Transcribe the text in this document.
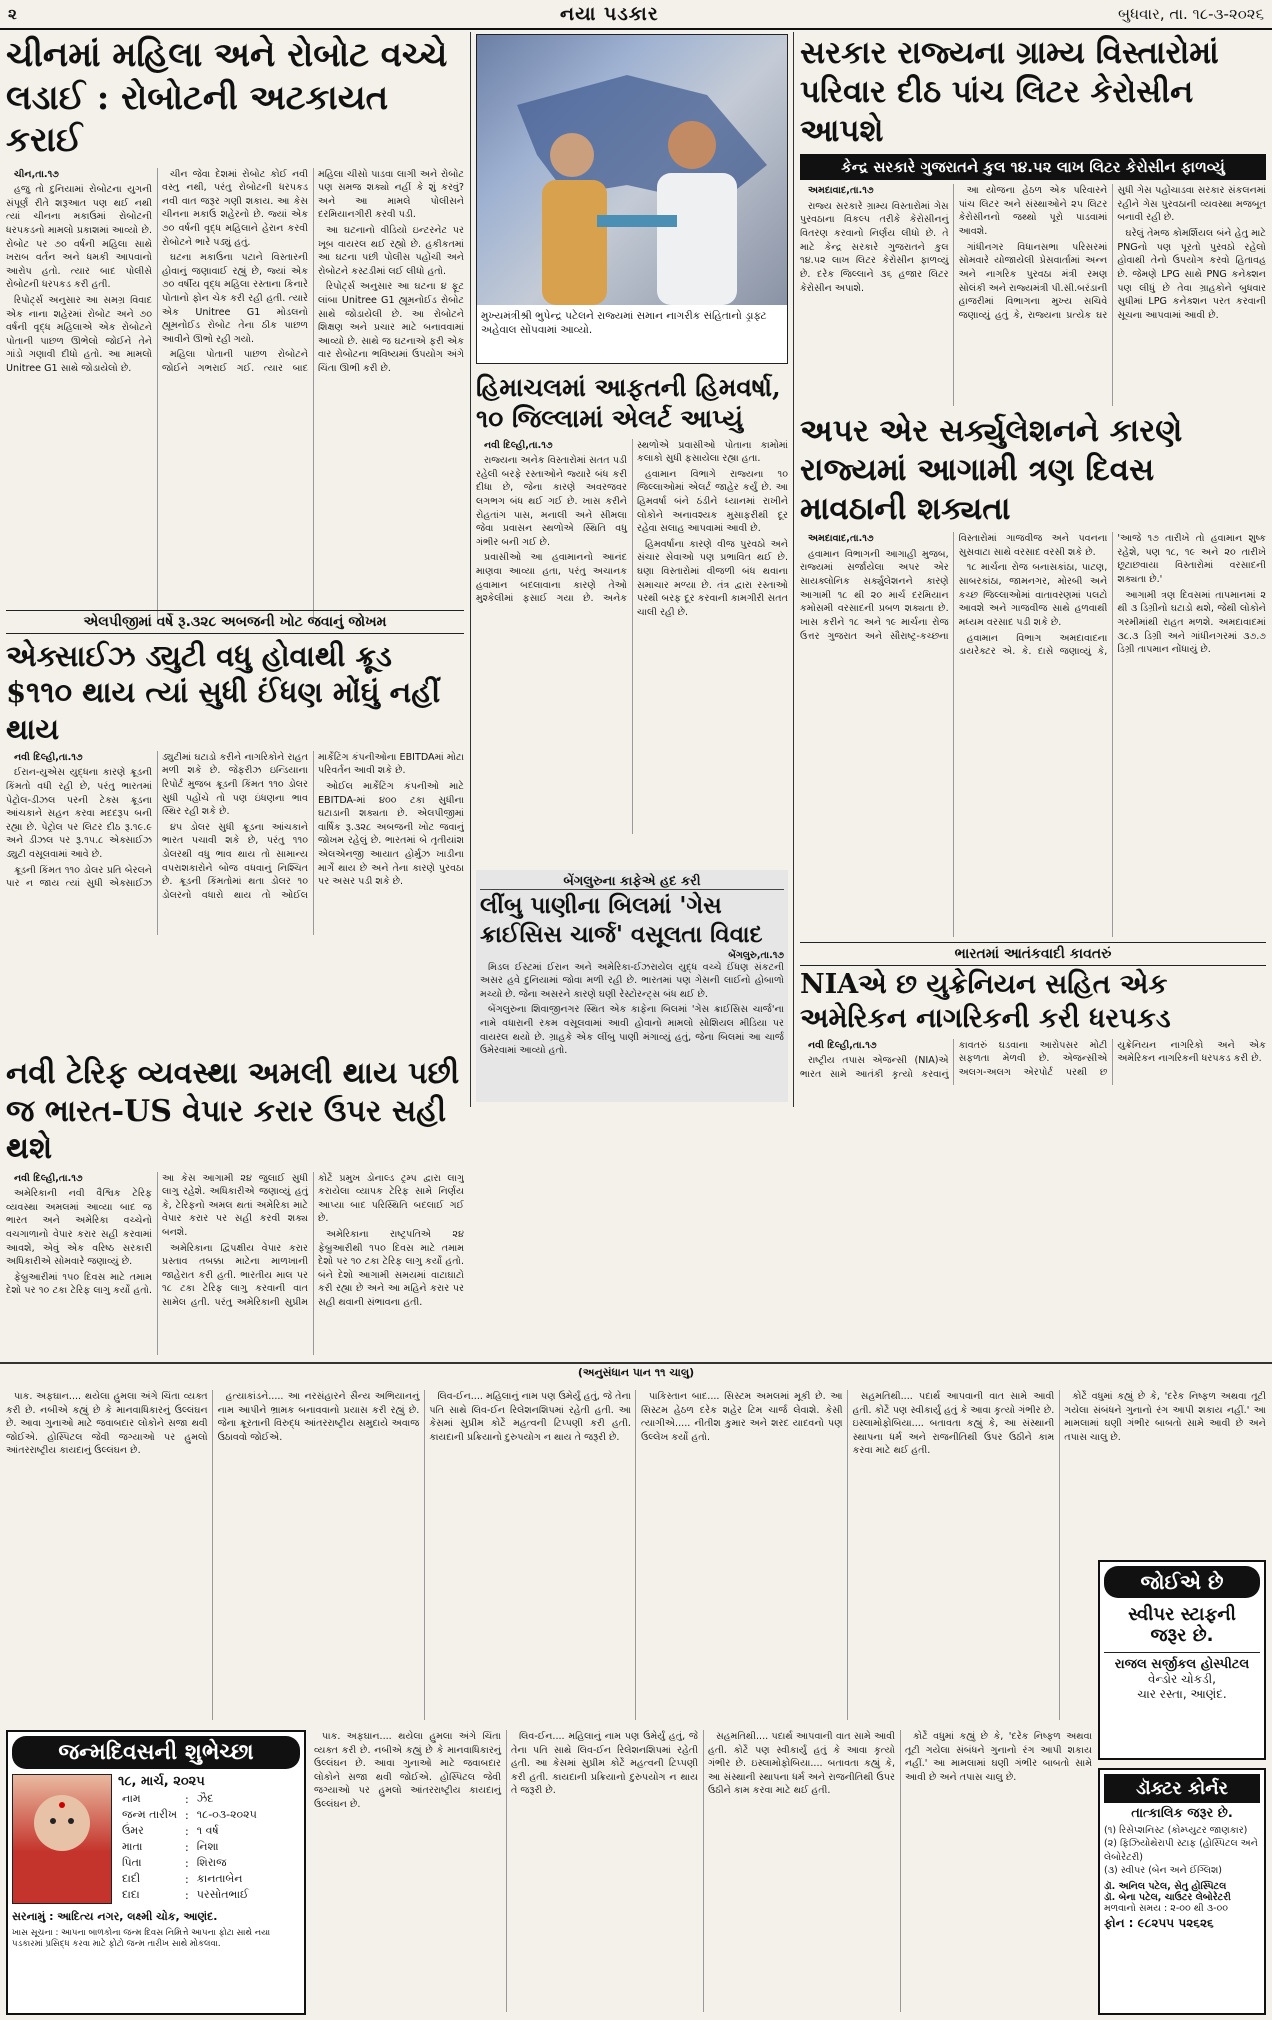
૨	નયા પડકાર	બુધવાર, તા. ૧૮-૩-૨૦૨૬
ચીનમાં મહિલા અને રોબોટ વચ્ચે લડાઈ : રોબોટની અટકાયત કરાઈ

ચીન,તા.૧૭

હજુ તો દુનિયામાં રોબોટના યુગની સંપૂર્ણ રીતે શરૂઆત પણ થઈ નથી ત્યાં ચીનના મકાઉમાં રોબોટની ધરપકડનો મામલો પ્રકાશમાં આવ્યો છે. રોબોટ પર ૭૦ વર્ષની મહિલા સાથે ખરાબ વર્તન અને ધમકી આપવાનો આરોપ હતો. ત્યાર બાદ પોલીસે રોબોટની ધરપકડ કરી હતી.

રિપોર્ટ્સ અનુસાર આ સમગ્ર વિવાદ એક નાના શહેરમાં રોબોટ અને ૭૦ વર્ષની વૃદ્ધ મહિલાએ એક રોબોટને પોતાની પાછળ ઊભેલો જોઈને તેને ગાંડો ગણાવી દીધો હતો. આ મામલો Unitree G1 સાથે જોડાયેલો છે.

ચીન જેવા દેશમાં રોબોટ કોઈ નવી વસ્તુ નથી, પરંતુ રોબોટની ધરપકડ નવી વાત જરૂર ગણી શકાય. આ કેસ ચીનના મકાઉ શહેરનો છે. જ્યાં એક ૭૦ વર્ષની વૃદ્ધ મહિલાને હેરાન કરવી રોબોટને ભારે પડ્યું હતું.

ઘટના મકાઉના પટાને વિસ્તારની હોવાનું જણાવાઈ રહ્યું છે, જ્યાં એક ૭૦ વર્ષીય વૃદ્ધ મહિલા રસ્તાના કિનારે પોતાનો ફોન ચેક કરી રહી હતી. ત્યારે એક Unitree G1 મોડલનો હ્યૂમનોઈડ રોબોટ તેના ઠીક પાછળ આવીને ઊભો રહી ગયો.

મહિલા પોતાની પાછળ રોબોટને જોઈને ગભરાઈ ગઈ. ત્યાર બાદ મહિલા ચીસો પાડવા લાગી અને રોબોટ પણ સમજ શક્યો નહીં કે શું કરવું? અને આ મામલે પોલીસને દરમિયાનગીરી કરવી પડી.

આ ઘટનાનો વીડિયો ઇન્ટરનેટ પર ખૂબ વાયરલ થઈ રહ્યો છે. હકીકતમાં આ ઘટના પછી પોલીસ પહોંચી અને રોબોટને કસ્ટડીમાં લઈ લીધો હતો.

રિપોર્ટ્સ અનુસાર આ ઘટના ૪ ફૂટ લાંબા Unitree G1 હ્યૂમનોઈડ રોબોટ સાથે જોડાયેલી છે. આ રોબોટને શિક્ષણ અને પ્રચાર માટે બનાવવામાં આવ્યો છે. સાથે જ ઘટનાએ ફરી એક વાર રોબોટના ભવિષ્યમાં ઉપયોગ અંગે ચિંતા ઊભી કરી છે.

એલપીજીમાં વર્ષે રૂ.૩૨૮ અબજની ખોટ જવાનું જોખમ
એક્સાઈઝ ડ્યુટી વધુ હોવાથી ક્રૂડ $૧૧૦ થાય ત્યાં સુધી ઈંધણ મોંઘું નહીં થાય

નવી દિલ્હી,તા.૧૭

ઈરાન-યુએસ યુદ્ધના કારણે ક્રૂડની કિંમતો વધી રહી છે, પરંતુ ભારતમાં પેટ્રોલ-ડીઝલ પરની ટેક્સ ક્રૂડના આંચકાને સહન કરવા મદદરૂપ બની રહ્યા છે. પેટ્રોલ પર લિટર દીઠ રૂ.૧૯.૯ અને ડીઝલ પર રૂ.૧૫.૮ એક્સાઈઝ ડ્યુટી વસૂલવામાં આવે છે.

ક્રૂડની કિંમત ૧૧૦ ડોલર પ્રતિ બેરલને પાર ન જાય ત્યાં સુધી એક્સાઈઝ ડ્યુટીમાં ઘટાડો કરીને નાગરિકોને રાહત મળી શકે છે. જેફરીઝ ઇન્ડિયાના રિપોર્ટ મુજબ ક્રૂડની કિંમત ૧૧૦ ડોલર સુધી પહોંચે તો પણ ઇંધણના ભાવ સ્થિર રહી શકે છે.

૪૫ ડોલર સુધી ક્રૂડના આંચકાને ભારત પચાવી શકે છે, પરંતુ ૧૧૦ ડોલરથી વધુ ભાવ થાય તો સામાન્ય વપરાશકારોને બોજ વધવાનું નિશ્ચિત છે. ક્રૂડની કિંમતોમાં થતા ડોલર ૧૦ ડોલરનો વધારો થાય તો ઓઈલ માર્કેટિંગ કંપનીઓના EBITDAમાં મોટા પરિવર્તન આવી શકે છે.

ઓઈલ માર્કેટિંગ કંપનીઓ માટે EBITDA-માં ૪૦૦ ટકા સુધીના ઘટાડાની શક્યતા છે. એલપીજીમાં વાર્ષિક રૂ.૩૨૮ અબજની ખોટ જવાનું જોખમ રહેલું છે. ભારતમાં બે તૃતીયાંશ એલએનજી આયાત હોર્મુઝ ખાડીના માર્ગે થાય છે અને તેના કારણે પુરવઠા પર અસર પડી શકે છે.

નવી ટેરિફ વ્યવસ્થા અમલી થાય પછી જ ભારત-US વેપાર કરાર ઉપર સહી થશે

નવી દિલ્હી,તા.૧૭

અમેરિકાની નવી વૈશ્વિક ટેરિફ વ્યવસ્થા અમલમાં આવ્યા બાદ જ ભારત અને અમેરિકા વચ્ચેનો વચગાળાનો વેપાર કરાર સહી કરવામાં આવશે, એવું એક વરિષ્ઠ સરકારી અધિકારીએ સોમવારે જણાવ્યું છે.

ફેબ્રુઆરીમાં ૧૫૦ દિવસ માટે તમામ દેશો પર ૧૦ ટકા ટેરિફ લાગુ કર્યો હતો. આ કેસ આગામી ૨૪ જુલાઈ સુધી લાગુ રહેશે. અધિકારીએ જણાવ્યું હતું કે, ટેરિફનો અમલ થતાં અમેરિકા માટે વેપાર કરાર પર સહી કરવી શક્ય બનશે.

અમેરિકાના દ્વિપક્ષીય વેપાર કરાર પ્રસ્તાવ તબક્કા માટેના માળખાની જાહેરાત કરી હતી. ભારતીય માલ પર ૧૮ ટકા ટેરિફ લાગુ કરવાની વાત સામેલ હતી. પરંતુ અમેરિકાની સુપ્રીમ કોર્ટે પ્રમુખ ડોનાલ્ડ ટ્રમ્પ દ્વારા લાગુ કરાયેલા વ્યાપક ટેરિફ સામે નિર્ણય આપ્યા બાદ પરિસ્થિતિ બદલાઈ ગઈ છે.

અમેરિકાના રાષ્ટ્રપતિએ ૨૪ ફેબ્રુઆરીથી ૧૫૦ દિવસ માટે તમામ દેશો પર ૧૦ ટકા ટેરિફ લાગુ કર્યો હતો. બંને દેશો આગામી સમયમાં વાટાઘાટો કરી રહ્યા છે અને આ મહિને કરાર પર સહી થવાની સંભાવના હતી.

મુખ્યમંત્રીશ્રી ભુપેન્દ્ર પટેલને રાજ્યમાં સમાન નાગરીક સંહિતાનો ડ્રાફ્ટ અહેવાલ સોંપવામાં આવ્યો.
હિમાચલમાં આફતની હિમવર્ષા, ૧૦ જિલ્લામાં એલર્ટ આપ્યું

નવી દિલ્હી,તા.૧૭

રાજ્યના અનેક વિસ્તારોમાં સતત પડી રહેલી બરફે રસ્તાઓને જ્યારે બંધ કરી દીધા છે, જેના કારણે અવરજવર લગભગ બંધ થઈ ગઈ છે. ખાસ કરીને રોહતાંગ પાસ, મનાલી અને સીમલા જેવા પ્રવાસન સ્થળોએ સ્થિતિ વધુ ગંભીર બની ગઈ છે.

પ્રવાસીઓ આ હવામાનનો આનંદ માણવા આવ્યા હતા, પરંતુ અચાનક હવામાન બદલાવાના કારણે તેઓ મુશ્કેલીમાં ફસાઈ ગયા છે. અનેક સ્થળોએ પ્રવાસીઓ પોતાના કામોમાં કલાકો સુધી ફસાયેલા રહ્યા હતા.

હવામાન વિભાગે રાજ્યના ૧૦ જિલ્લાઓમાં એલર્ટ જાહેર કર્યું છે. આ હિમવર્ષા બંને ઠંડીને ધ્યાનમાં રાખીને લોકોને અનાવશ્યક મુસાફરીથી દૂર રહેવા સલાહ આપવામાં આવી છે.

હિમવર્ષાના કારણે વીજ પુરવઠો અને સંચાર સેવાઓ પણ પ્રભાવિત થઈ છે. ઘણા વિસ્તારોમાં વીજળી બંધ થવાના સમાચાર મળ્યા છે. તંત્ર દ્વારા રસ્તાઓ પરથી બરફ દૂર કરવાની કામગીરી સતત ચાલી રહી છે.

બેંગલુરુના કાફેએ હદ કરી
લીંબુ પાણીના બિલમાં 'ગેસ ક્રાઈસિસ ચાર્જ' વસૂલતા વિવાદ
બેંગલુરુ,તા.૧૭

મિડલ ઈસ્ટમાં ઈરાન અને અમેરિકા-ઈઝરાયેલ યુદ્ધ વચ્ચે ઈંધણ સંકટની અસર હવે દુનિયામાં જોવા મળી રહી છે. ભારતમાં પણ ગેસની લાઈનો હોબાળો મચ્યો છે. જેના અસરને કારણે ઘણી રેસ્ટોરન્ટ્સ બંધ થઈ છે.

બેંગલુરુના શિવાજીનગર સ્થિત એક કાફેના બિલમાં 'ગેસ ક્રાઈસિસ ચાર્જ'ના નામે વધારાની રકમ વસૂલવામાં આવી હોવાનો મામલો સોશિયલ મીડિયા પર વાયરલ થયો છે. ગ્રાહકે એક લીંબુ પાણી મંગાવ્યું હતું, જેના બિલમાં આ ચાર્જ ઉમેરવામાં આવ્યો હતો.

સરકાર રાજ્યના ગ્રામ્ય વિસ્તારોમાં પરિવાર દીઠ પાંચ લિટર કેરોસીન આપશે
કેન્દ્ર સરકારે ગુજરાતને કુલ ૧૪.૫૨ લાખ લિટર કેરોસીન ફાળવ્યું

અમદાવાદ,તા.૧૭

રાજ્ય સરકારે ગ્રામ્ય વિસ્તારોમાં ગેસ પુરવઠાના વિકલ્પ તરીકે કેરોસીનનું વિતરણ કરવાનો નિર્ણય લીધો છે. તે માટે કેન્દ્ર સરકારે ગુજરાતને કુલ ૧૪.૫૨ લાખ લિટર કેરોસીન ફાળવ્યું છે. દરેક જિલ્લાને ૩૬ હજાર લિટર કેરોસીન અપાશે.

આ યોજના હેઠળ એક પરિવારને પાંચ લિટર અને સંસ્થાઓને ૨૫ લિટર કેરોસીનનો જથ્થો પૂરો પાડવામાં આવશે.

ગાંધીનગર વિધાનસભા પરિસરમાં સોમવારે યોજાયેલી પ્રેસવાર્તામાં અન્ન અને નાગરિક પુરવઠા મંત્રી રમણ સોલંકી અને રાજ્યમંત્રી પી.સી.બરંડાની હાજરીમાં વિભાગના મુખ્ય સચિવે જણાવ્યું હતું કે, રાજ્યના પ્રત્યેક ઘર સુધી ગેસ પહોંચાડવા સરકાર સંકલનમાં રહીને ગેસ પુરવઠાની વ્યવસ્થા મજબૂત બનાવી રહી છે.

ઘરેલું તેમજ કોમર્શિયલ બંને હેતુ માટે PNGનો પણ પૂરતો પુરવઠો રહેલો હોવાથી તેનો ઉપયોગ કરવો હિતાવહ છે. જેમણે LPG સાથે PNG કનેક્શન પણ લીધું છે તેવા ગ્રાહકોને બુધવાર સુધીમાં LPG કનેક્શન પરત કરવાની સૂચના આપવામાં આવી છે.

અપર એર સર્ક્યુલેશનને કારણે રાજ્યમાં આગામી ત્રણ દિવસ માવઠાની શક્યતા

અમદાવાદ,તા.૧૭

હવામાન વિભાગની આગાહી મુજબ, રાજ્યમાં સર્જાયેલા અપર એર સાયક્લોનિક સર્ક્યુલેશનને કારણે આગામી ૧૮ થી ૨૦ માર્ચ દરમિયાન કમોસમી વરસાદની પ્રબળ શક્યતા છે. ખાસ કરીને ૧૮ અને ૧૯ માર્ચના રોજ ઉત્તર ગુજરાત અને સૌરાષ્ટ્ર-કચ્છના વિસ્તારોમાં ગાજવીજ અને પવનના સુસવાટા સાથે વરસાદ વરસી શકે છે.

૧૮ માર્ચના રોજ બનાસકાંઠા, પાટણ, સાબરકાંઠા, જામનગર, મોરબી અને કચ્છ જિલ્લાઓમાં વાતાવરણમાં પલટો આવશે અને ગાજવીજ સાથે હળવાથી મધ્યમ વરસાદ પડી શકે છે.

હવામાન વિભાગ અમદાવાદના ડાયરેક્ટર એ. કે. દાસે જણાવ્યું કે, 'આજે ૧૭ તારીખે તો હવામાન શુષ્ક રહેશે, પણ ૧૮, ૧૯ અને ૨૦ તારીખે છૂટાછવાયા વિસ્તારોમાં વરસાદની શક્યતા છે.'

આગામી ત્રણ દિવસમાં તાપમાનમાં ૨ થી ૩ ડિગ્રીનો ઘટાડો થશે, જેથી લોકોને ગરમીમાંથી રાહત મળશે. અમદાવાદમાં ૩૮.૩ ડિગ્રી અને ગાંધીનગરમાં ૩૭.૭ ડિગ્રી તાપમાન નોંધાયું છે.

ભારતમાં આતંકવાદી કાવતરું
NIAએ છ યુક્રેનિયન સહિત એક અમેરિકન નાગરિકની કરી ધરપકડ

નવી દિલ્હી,તા.૧૭

રાષ્ટ્રીય તપાસ એજન્સી (NIA)એ ભારત સામે આતંકી કૃત્યો કરવાનું કાવતરું ઘડવાના આરોપસર મોટી સફળતા મેળવી છે. એજન્સીએ અલગ-અલગ એરપોર્ટ પરથી છ યુક્રેનિયન નાગરિકો અને એક અમેરિકન નાગરિકની ધરપકડ કરી છે.

(અનુસંધાન પાન ૧૧ ચાલુ)

પાક. અફઘાન.... થયેલા હુમલા અંગે ચિંતા વ્યક્ત કરી છે. નબીએ કહ્યું છે કે માનવાધિકારનું ઉલ્લંઘન છે. આવા ગુનાઓ માટે જવાબદાર લોકોને સજા થવી જોઈએ. હોસ્પિટલ જેવી જગ્યાઓ પર હુમલો આંતરરાષ્ટ્રીય કાયદાનું ઉલ્લંઘન છે.

હત્યાકાંડને..... આ નરસંહારને સૈન્ય અભિયાનનું નામ આપીને ભ્રામક બનાવવાનો પ્રયાસ કરી રહ્યું છે. જેના ક્રૂરતાની વિરુદ્ધ આંતરરાષ્ટ્રીય સમુદાયે અવાજ ઉઠાવવો જોઈએ.

લિવ-ઈન.... મહિલાનું નામ પણ ઉમેર્યું હતું, જે તેના પતિ સાથે લિવ-ઈન રિલેશનશિપમાં રહેતી હતી. આ કેસમાં સુપ્રીમ કોર્ટે મહત્વની ટિપ્પણી કરી હતી. કાયદાની પ્રક્રિયાનો દુરુપયોગ ન થાય તે જરૂરી છે.

પાકિસ્તાન બાદ.... સિસ્ટમ અમલમાં મૂકી છે. આ સિસ્ટમ હેઠળ દરેક શહેર ટિમ ચાર્જ લેવાશે. કેસી ત્યાગીએ..... નીતીશ કુમાર અને શરદ યાદવનો પણ ઉલ્લેખ કર્યો હતો.

સહમતિથી.... પદાર્થ આપવાની વાત સામે આવી હતી. કોર્ટે પણ સ્વીકાર્યું હતું કે આવા કૃત્યો ગંભીર છે. ઇસ્લામોફોબિયા.... બતાવતા કહ્યું કે, આ સંસ્થાની સ્થાપના ધર્મ અને રાજનીતિથી ઉપર ઉઠીને કામ કરવા માટે થઈ હતી.

કોર્ટે વધુમાં કહ્યું છે કે, 'દરેક નિષ્ફળ અથવા તૂટી ગયેલા સંબંધને ગુનાનો રંગ આપી શકાય નહીં.' આ મામલામાં ઘણી ગંભીર બાબતો સામે આવી છે અને તપાસ ચાલુ છે.

જન્મદિવસની શુભેચ્છા
૧૮, માર્ચ, ૨૦૨૫
નામ	:	ઝૈદ
જન્મ તારીખ	:	૧૮-૦૩-૨૦૨૫
ઉંમર	:	૧ વર્ષ
માતા	:	નિશા
પિતા	:	શિરાજ
દાદી	:	કાનતાબેન
દાદા	:	પરસોતભાઈ
સરનામું : આદિત્ય નગર, લક્ષ્મી ચોક, આણંદ.
ખાસ સૂચના : આપના બાળકોના જન્મ દિવસ નિમિત્તે આપના ફોટા સાથે નયા પડકારમાં પ્રસિદ્ધ કરવા માટે ફોટો જન્મ તારીખ સાથે મોકલવા.
જોઈએ છે
સ્વીપર સ્ટાફની
જરૂર છે.
રાજલ સર્જીકલ હોસ્પીટલ
વેન્ડોર ચોકડી,
ચાર રસ્તા, આણંદ.
ડૉક્ટર કોર્નર
તાત્કાલિક જરૂર છે.
(૧) રિસેપ્શનિસ્ટ (કોમ્પ્યુટર જાણકાર)
(૨) ફિઝિયોથેરાપી સ્ટાફ (હોસ્પિટલ અને લેબોરેટરી)
(૩) સ્વીપર (બેન અને ઈંગ્લિશ)
ડૉ. અનિલ પટેલ, સેતુ હોસ્પિટલ
ડૉ. બેના પટેલ, ચાઉટર લેબોરેટરી
મળવાનો સમય : ૨-૦૦ થી ૩-૦૦
ફોન : ૯૮૨૫૫ ૫૨૬૨૬

પાક. અફઘાન.... થયેલા હુમલા અંગે ચિંતા વ્યક્ત કરી છે. નબીએ કહ્યું છે કે માનવાધિકારનું ઉલ્લંઘન છે. આવા ગુનાઓ માટે જવાબદાર લોકોને સજા થવી જોઈએ. હોસ્પિટલ જેવી જગ્યાઓ પર હુમલો આંતરરાષ્ટ્રીય કાયદાનું ઉલ્લંઘન છે.

લિવ-ઈન.... મહિલાનું નામ પણ ઉમેર્યું હતું, જે તેના પતિ સાથે લિવ-ઈન રિલેશનશિપમાં રહેતી હતી. આ કેસમાં સુપ્રીમ કોર્ટે મહત્વની ટિપ્પણી કરી હતી. કાયદાની પ્રક્રિયાનો દુરુપયોગ ન થાય તે જરૂરી છે.

સહમતિથી.... પદાર્થ આપવાની વાત સામે આવી હતી. કોર્ટે પણ સ્વીકાર્યું હતું કે આવા કૃત્યો ગંભીર છે. ઇસ્લામોફોબિયા.... બતાવતા કહ્યું કે, આ સંસ્થાની સ્થાપના ધર્મ અને રાજનીતિથી ઉપર ઉઠીને કામ કરવા માટે થઈ હતી.

કોર્ટે વધુમાં કહ્યું છે કે, 'દરેક નિષ્ફળ અથવા તૂટી ગયેલા સંબંધને ગુનાનો રંગ આપી શકાય નહીં.' આ મામલામાં ઘણી ગંભીર બાબતો સામે આવી છે અને તપાસ ચાલુ છે.
